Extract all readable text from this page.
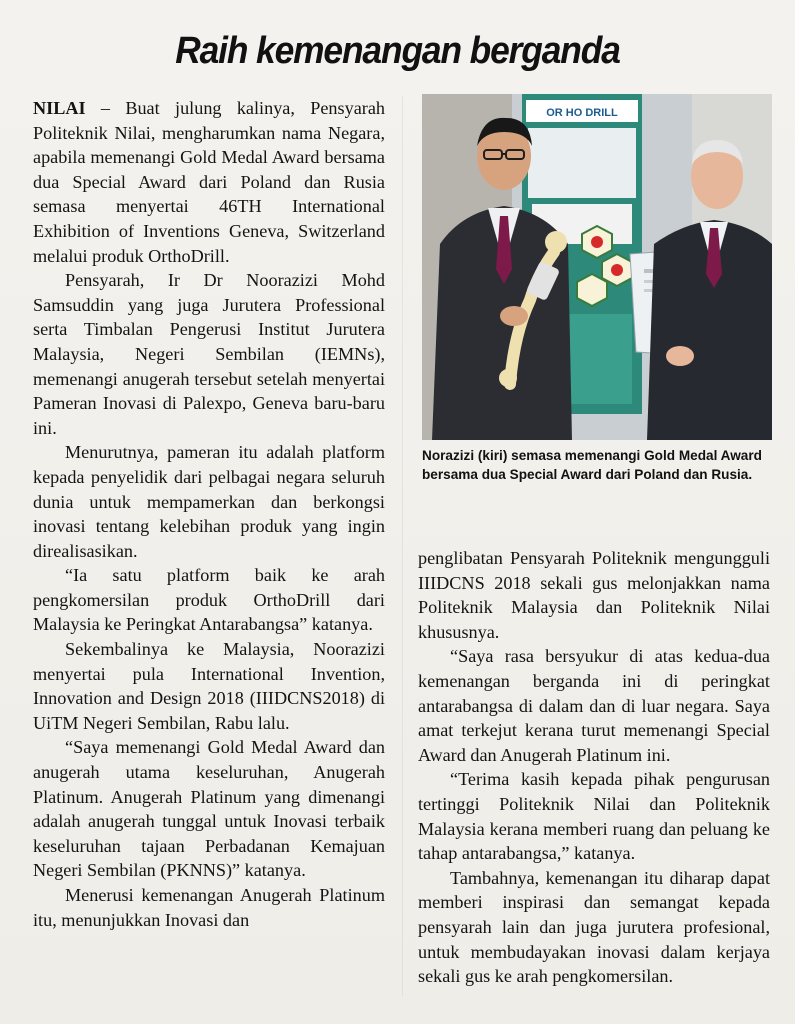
Raih kemenangan berganda

NILAI – Buat julung kalinya, Pensyarah Politeknik Nilai, mengharumkan nama Negara, apabila memenangi Gold Medal Award bersama dua Special Award dari Poland dan Rusia semasa menyertai 46TH International Exhibition of Inventions Geneva, Switzerland melalui produk OrthoDrill.

Pensyarah, Ir Dr Noorazizi Mohd Samsuddin yang juga Jurutera Professional serta Timbalan Pengerusi Institut Jurutera Malaysia, Negeri Sembilan (IEMNs), memenangi anugerah tersebut setelah menyertai Pameran Inovasi di Palexpo, Geneva baru-baru ini.

Menurutnya, pameran itu adalah platform kepada penyelidik dari pelbagai negara seluruh dunia untuk mempamerkan dan berkongsi inovasi tentang kelebihan produk yang ingin direalisasikan.

“Ia satu platform baik ke arah pengkomersilan produk OrthoDrill dari Malaysia ke Peringkat Antarabangsa” katanya.

Sekembalinya ke Malaysia, Noorazizi menyertai pula International Invention, Innovation and Design 2018 (IIIDCNS2018) di UiTM Negeri Sembilan, Rabu lalu.

“Saya memenangi Gold Medal Award dan anugerah utama keseluruhan, Anugerah Platinum. Anugerah Platinum yang dimenangi adalah anugerah tunggal untuk Inovasi terbaik keseluruhan tajaan Perbadanan Kemajuan Negeri Sembilan (PKNNS)” katanya.

Menerusi kemenangan Anugerah Platinum itu, menunjukkan Inovasi dan

OR HO DRILL
Norazizi (kiri) semasa memenangi Gold Medal Award bersama dua Special Award dari Poland dan Rusia.

penglibatan Pensyarah Politeknik mengungguli IIIDCNS 2018 sekali gus melonjakkan nama Politeknik Malaysia dan Politeknik Nilai khususnya.

“Saya rasa bersyukur di atas kedua-dua kemenangan berganda ini di peringkat antarabangsa di dalam dan di luar negara. Saya amat terkejut kerana turut memenangi Special Award dan Anugerah Platinum ini.

“Terima kasih kepada pihak pengurusan tertinggi Politeknik Nilai dan Politeknik Malaysia kerana memberi ruang dan peluang ke tahap antarabangsa,” katanya.

Tambahnya, kemenangan itu diharap dapat memberi inspirasi dan semangat kepada pensyarah lain dan juga jurutera profesional, untuk membudayakan inovasi dalam kerjaya sekali gus ke arah pengkomersilan.
